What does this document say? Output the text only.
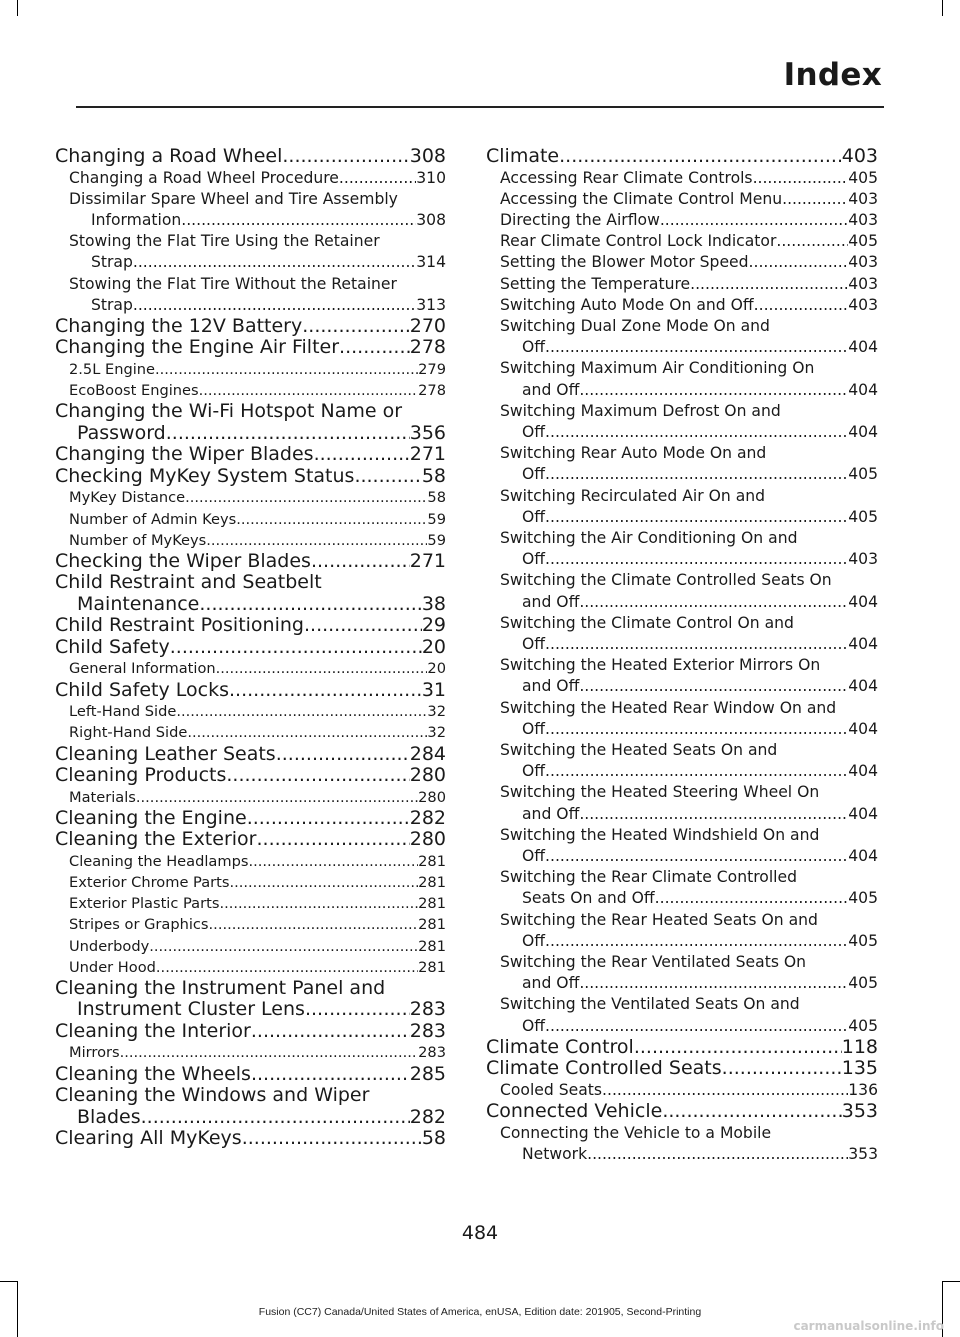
Index
Changing a Road Wheel .....	308
Changing a Road Wheel Procedure .....	310
Dissimilar Spare Wheel and Tire Assembly
Information .....	308
Stowing the Flat Tire Using the Retainer
Strap .....	314
Stowing the Flat Tire Without the Retainer
Strap .....	313
Changing the 12V Battery .....	270
Changing the Engine Air Filter .....	278
2.5L Engine .....	279
EcoBoost Engines .....	278
Changing the Wi-Fi Hotspot Name or
Password .....	356
Changing the Wiper Blades .....	271
Checking MyKey System Status .....	58
MyKey Distance .....	58
Number of Admin Keys .....	59
Number of MyKeys .....	59
Checking the Wiper Blades .....	271
Child Restraint and Seatbelt
Maintenance .....	38
Child Restraint Positioning .....	29
Child Safety .....	20
General Information .....	20
Child Safety Locks .....	31
Left-Hand Side .....	32
Right-Hand Side .....	32
Cleaning Leather Seats .....	284
Cleaning Products .....	280
Materials .....	280
Cleaning the Engine .....	282
Cleaning the Exterior .....	280
Cleaning the Headlamps .....	281
Exterior Chrome Parts .....	281
Exterior Plastic Parts .....	281
Stripes or Graphics .....	281
Underbody .....	281
Under Hood .....	281
Cleaning the Instrument Panel and
Instrument Cluster Lens .....	283
Cleaning the Interior .....	283
Mirrors .....	283
Cleaning the Wheels .....	285
Cleaning the Windows and Wiper
Blades .....	282
Clearing All MyKeys .....	58
Climate .....	403
Accessing Rear Climate Controls .....	405
Accessing the Climate Control Menu .....	403
Directing the Airflow .....	403
Rear Climate Control Lock Indicator .....	405
Setting the Blower Motor Speed .....	403
Setting the Temperature .....	403
Switching Auto Mode On and Off .....	403
Switching Dual Zone Mode On and
Off .....	404
Switching Maximum Air Conditioning On
and Off .....	404
Switching Maximum Defrost On and
Off .....	404
Switching Rear Auto Mode On and
Off .....	405
Switching Recirculated Air On and
Off .....	405
Switching the Air Conditioning On and
Off .....	403
Switching the Climate Controlled Seats On
and Off .....	404
Switching the Climate Control On and
Off .....	404
Switching the Heated Exterior Mirrors On
and Off .....	404
Switching the Heated Rear Window On and
Off .....	404
Switching the Heated Seats On and
Off .....	404
Switching the Heated Steering Wheel On
and Off .....	404
Switching the Heated Windshield On and
Off .....	404
Switching the Rear Climate Controlled
Seats On and Off .....	405
Switching the Rear Heated Seats On and
Off .....	405
Switching the Rear Ventilated Seats On
and Off .....	405
Switching the Ventilated Seats On and
Off .....	405
Climate Control .....	118
Climate Controlled Seats .....	135
Cooled Seats .....	136
Connected Vehicle .....	353
Connecting the Vehicle to a Mobile
Network .....	353
484
Fusion (CC7) Canada/United States of America, enUSA, Edition date: 201905, Second-Printing
carmanualsonline.info
